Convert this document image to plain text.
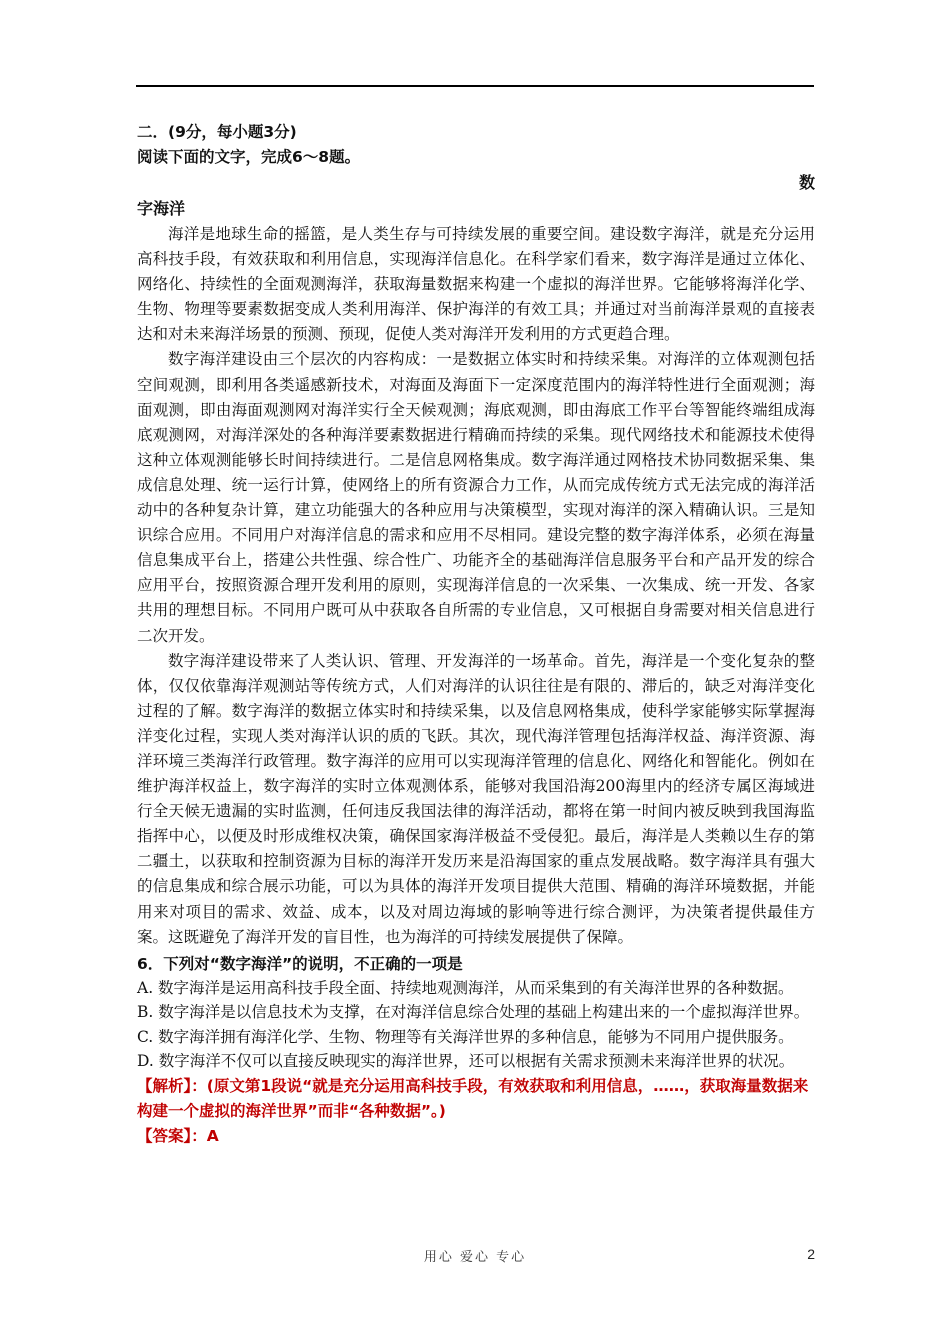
二．(9分，每小题3分)
阅读下面的文字，完成6～8题。
数
字海洋
海洋是地球生命的摇篮，是人类生存与可持续发展的重要空间。建设数字海洋，就是充分运用高科技手段，有效获取和利用信息，实现海洋信息化。在科学家们看来，数字海洋是通过立体化、网络化、持续性的全面观测海洋，获取海量数据来构建一个虚拟的海洋世界。它能够将海洋化学、生物、物理等要素数据变成人类利用海洋、保护海洋的有效工具；并通过对当前海洋景观的直接表达和对未来海洋场景的预测、预现，促使人类对海洋开发利用的方式更趋合理。
数字海洋建设由三个层次的内容构成：一是数据立体实时和持续采集。对海洋的立体观测包括空间观测，即利用各类遥感新技术，对海面及海面下一定深度范围内的海洋特性进行全面观测；海面观测，即由海面观测网对海洋实行全天候观测；海底观测，即由海底工作平台等智能终端组成海底观测网，对海洋深处的各种海洋要素数据进行精确而持续的采集。现代网络技术和能源技术使得这种立体观测能够长时间持续进行。二是信息网格集成。数字海洋通过网格技术协同数据采集、集成信息处理、统一运行计算，使网络上的所有资源合力工作，从而完成传统方式无法完成的海洋活动中的各种复杂计算，建立功能强大的各种应用与决策模型，实现对海洋的深入精确认识。三是知识综合应用。不同用户对海洋信息的需求和应用不尽相同。建设完整的数字海洋体系，必须在海量信息集成平台上，搭建公共性强、综合性广、功能齐全的基础海洋信息服务平台和产品开发的综合应用平台，按照资源合理开发利用的原则，实现海洋信息的一次采集、一次集成、统一开发、各家共用的理想目标。不同用户既可从中获取各自所需的专业信息，又可根据自身需要对相关信息进行二次开发。
数字海洋建设带来了人类认识、管理、开发海洋的一场革命。首先，海洋是一个变化复杂的整体，仅仅依靠海洋观测站等传统方式，人们对海洋的认识往往是有限的、滞后的，缺乏对海洋变化过程的了解。数字海洋的数据立体实时和持续采集，以及信息网格集成，使科学家能够实际掌握海洋变化过程，实现人类对海洋认识的质的飞跃。其次，现代海洋管理包括海洋权益、海洋资源、海洋环境三类海洋行政管理。数字海洋的应用可以实现海洋管理的信息化、网络化和智能化。例如在维护海洋权益上，数字海洋的实时立体观测体系，能够对我国沿海200海里内的经济专属区海域进行全天候无遗漏的实时监测，任何违反我国法律的海洋活动，都将在第一时间内被反映到我国海监指挥中心，以便及时形成维权决策，确保国家海洋极益不受侵犯。最后，海洋是人类赖以生存的第二疆土，以获取和控制资源为目标的海洋开发历来是沿海国家的重点发展战略。数字海洋具有强大的信息集成和综合展示功能，可以为具体的海洋开发项目提供大范围、精确的海洋环境数据，并能用来对项目的需求、效益、成本，以及对周边海域的影响等进行综合测评，为决策者提供最佳方案。这既避免了海洋开发的盲目性，也为海洋的可持续发展提供了保障。
6．下列对“数字海洋”的说明，不正确的一项是
A. 数字海洋是运用高科技手段全面、持续地观测海洋，从而采集到的有关海洋世界的各种数据。
B. 数字海洋是以信息技术为支撑，在对海洋信息综合处理的基础上构建出来的一个虚拟海洋世界。
C. 数字海洋拥有海洋化学、生物、物理等有关海洋世界的多种信息，能够为不同用户提供服务。
D. 数字海洋不仅可以直接反映现实的海洋世界，还可以根据有关需求预测未来海洋世界的状况。
【解析】：(原文第1段说“就是充分运用高科技手段，有效获取和利用信息，……，获取海量数据来构建一个虚拟的海洋世界”而非“各种数据”。)
【答案】：A
用心 爱心 专心	2
